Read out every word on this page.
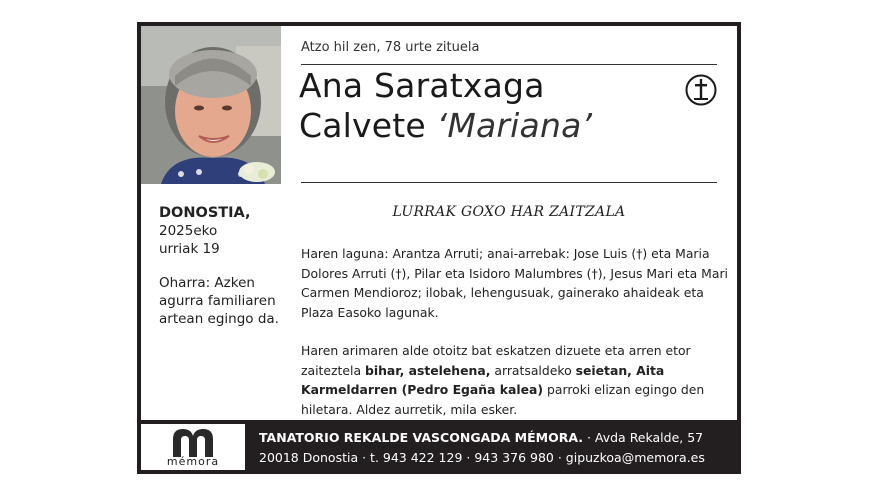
DONOSTIA,

2025eko

urriak 19

Oharra: Azken agurra familiaren artean egingo da.

Atzo hil zen, 78 urte zituela
Ana Saratxaga
Calvete ‘Mariana’
LURRAK GOXO HAR ZAITZALA

Haren laguna: Arantza Arruti; anai-arrebak: Jose Luis (†) eta Maria Dolores Arruti (†), Pilar eta Isidoro Malumbres (†), Jesus Mari eta Mari Carmen Mendioroz; ilobak, lehengusuak, gainerako ahaideak eta Plaza Easoko lagunak.

Haren arimaren alde otoitz bat eskatzen dizuete eta arren etor zaiteztela bihar, astelehena, arratsaldeko seietan, Aita Karmeldarren (Pedro Egaña kalea) parroki elizan egingo den hiletara. Aldez aurretik, mila esker.

mémora
TANATORIO REKALDE VASCONGADA MÉMORA. · Avda Rekalde, 57
20018 Donostia · t. 943 422 129 · 943 376 980 · gipuzkoa@memora.es
